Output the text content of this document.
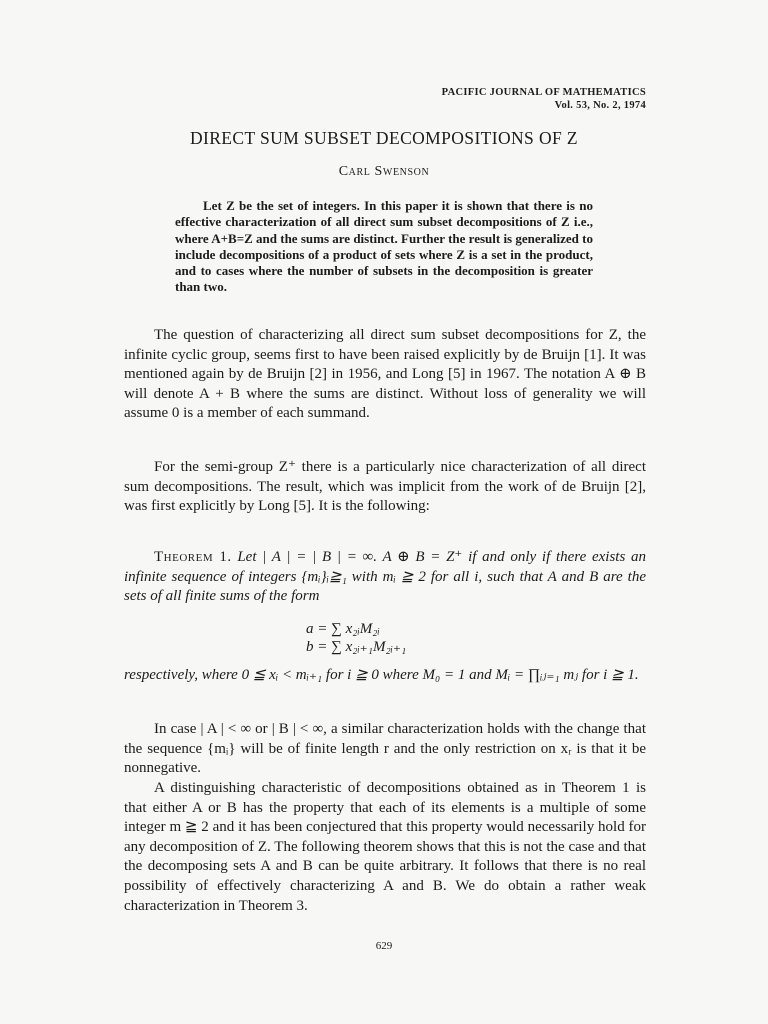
PACIFIC JOURNAL OF MATHEMATICS
Vol. 53, No. 2, 1974
DIRECT SUM SUBSET DECOMPOSITIONS OF Z
Carl Swenson
Let Z be the set of integers. In this paper it is shown that there is no effective characterization of all direct sum subset decompositions of Z i.e., where A+B=Z and the sums are distinct. Further the result is generalized to include decompositions of a product of sets where Z is a set in the product, and to cases where the number of subsets in the decomposition is greater than two.
The question of characterizing all direct sum subset decompositions for Z, the infinite cyclic group, seems first to have been raised explicitly by de Bruijn [1]. It was mentioned again by de Bruijn [2] in 1956, and Long [5] in 1967. The notation A ⊕ B will denote A + B where the sums are distinct. Without loss of generality we will assume 0 is a member of each summand.
For the semi-group Z⁺ there is a particularly nice characterization of all direct sum decompositions. The result, which was implicit from the work of de Bruijn [2], was first explicitly by Long [5]. It is the following:
Theorem 1. Let | A | = | B | = ∞. A ⊕ B = Z⁺ if and only if there exists an infinite sequence of integers {mᵢ}ᵢ≧₁ with mᵢ ≧ 2 for all i, such that A and B are the sets of all finite sums of the form
a = ∑ x₂ᵢM₂ᵢ
b = ∑ x₂ᵢ₊₁M₂ᵢ₊₁
respectively, where 0 ≦ xᵢ < mᵢ₊₁ for i ≧ 0 where M₀ = 1 and Mᵢ = ∏ᵢⱼ₌₁ mⱼ for i ≧ 1.
In case | A | < ∞ or | B | < ∞, a similar characterization holds with the change that the sequence {mᵢ} will be of finite length r and the only restriction on xᵣ is that it be nonnegative.
A distinguishing characteristic of decompositions obtained as in Theorem 1 is that either A or B has the property that each of its elements is a multiple of some integer m ≧ 2 and it has been conjectured that this property would necessarily hold for any decomposition of Z. The following theorem shows that this is not the case and that the decomposing sets A and B can be quite arbitrary. It follows that there is no real possibility of effectively characterizing A and B. We do obtain a rather weak characterization in Theorem 3.
629
